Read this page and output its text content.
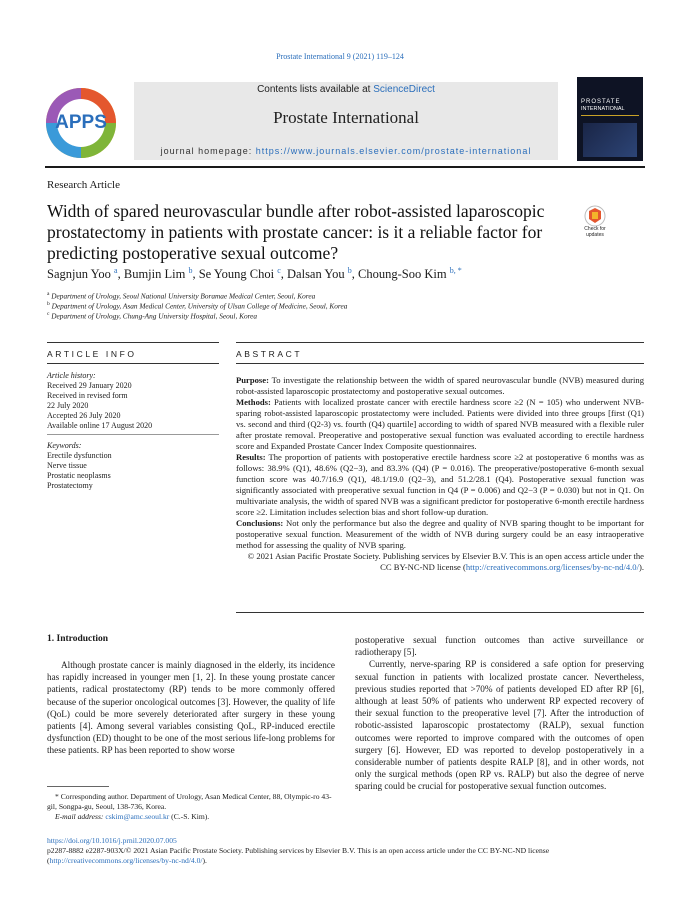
Prostate International 9 (2021) 119–124
APPS
Contents lists available at ScienceDirect
Prostate International
journal homepage: https://www.journals.elsevier.com/prostate-international
PROSTATE
INTERNATIONAL
Research Article
Width of spared neurovascular bundle after robot-assisted laparoscopic prostatectomy in patients with prostate cancer: is it a reliable factor for predicting postoperative sexual outcome?
Check for updates
Sagnjun Yoo $^a$, Bumjin Lim $^b$, Se Young Choi $^c$, Dalsan You $^b$, Choung-Soo Kim $^{b, *}$
$^a$ Department of Urology, Seoul National University Boramae Medical Center, Seoul, Korea
$^b$ Department of Urology, Asan Medical Center, University of Ulsan College of Medicine, Seoul, Korea
$^c$ Department of Urology, Chung-Ang University Hospital, Seoul, Korea
ARTICLE INFO
Article history:
Received 29 January 2020
Received in revised form
22 July 2020
Accepted 26 July 2020
Available online 17 August 2020
Keywords:
Erectile dysfunction
Nerve tissue
Prostatic neoplasms
Prostatectomy
ABSTRACT

Purpose: To investigate the relationship between the width of spared neurovascular bundle (NVB) measured during robot-assisted laparoscopic prostatectomy and postoperative sexual outcomes.

Methods: Patients with localized prostate cancer with erectile hardness score ≥2 (N = 105) who underwent NVB-sparing robot-assisted laparoscopic prostatectomy were included. Patients were divided into three groups [first (Q1) vs. second and third (Q2-3) vs. fourth (Q4) quartile] according to width of spared NVB measured with a flexible ruler after prostate removal. Preoperative and postoperative sexual function was evaluated according to erectile hardness score and Expanded Prostate Cancer Index Composite questionnaires.

Results: The proportion of patients with postoperative erectile hardness score ≥2 at postoperative 6 months was as follows: 38.9% (Q1), 48.6% (Q2−3), and 83.3% (Q4) (P = 0.016). The preoperative/postoperative 6-month sexual function score was 40.7/16.9 (Q1), 48.1/19.0 (Q2−3), and 51.2/28.1 (Q4). Postoperative sexual function was significantly associated with preoperative sexual function in Q4 (P = 0.006) and Q2−3 (P = 0.030) but not in Q1. On multivariate analysis, the width of spared NVB was a significant predictor for postoperative 6-month erectile hardness score ≥2. Limitation includes selection bias and short follow-up duration.

Conclusions: Not only the performance but also the degree and quality of NVB sparing thought to be important for postoperative sexual function. Measurement of the width of NVB during surgery could be an easy intraoperative method for assessing the quality of NVB sparing.

© 2021 Asian Pacific Prostate Society. Publishing services by Elsevier B.V. This is an open access article under the CC BY-NC-ND license (http://creativecommons.org/licenses/by-nc-nd/4.0/).

1. Introduction

Although prostate cancer is mainly diagnosed in the elderly, its incidence has rapidly increased in younger men [1, 2]. In these young prostate cancer patients, radical prostatectomy (RP) tends to be more commonly offered because of the superior oncological outcomes [3]. However, the quality of life (QoL) could be more severely deteriorated after surgery in these young patients [4]. Among several variables consisting QoL, RP-induced erectile dysfunction (ED) thought to be one of the most serious life-long problems for these patients. RP has been reported to show worse

postoperative sexual function outcomes than active surveillance or radiotherapy [5].

Currently, nerve-sparing RP is considered a safe option for preserving sexual function in patients with localized prostate cancer. Nevertheless, previous studies reported that >70% of patients developed ED after RP [6], although at least 50% of patients who underwent RP expected recovery of their sexual function to the preoperative level [7]. After the introduction of robotic-assisted laparoscopic prostatectomy (RALP), sexual function outcomes were reported to improve compared with the outcomes of open surgery [6]. However, ED was reported to develop postoperatively in a considerable number of patients despite RALP [8], and in other words, not only the surgical methods (open RP vs. RALP) but also the degree of nerve sparing could be crucial for postoperative sexual function outcomes.

* Corresponding author. Department of Urology, Asan Medical Center, 88, Olympic-ro 43-gil, Songpa-gu, Seoul, 138-736, Korea.
E-mail address: cskim@amc.seoul.kr (C.-S. Kim).
https://doi.org/10.1016/j.prnil.2020.07.005
p2287-8882 e2287-903X/© 2021 Asian Pacific Prostate Society. Publishing services by Elsevier B.V. This is an open access article under the CC BY-NC-ND license (http://creativecommons.org/licenses/by-nc-nd/4.0/).
